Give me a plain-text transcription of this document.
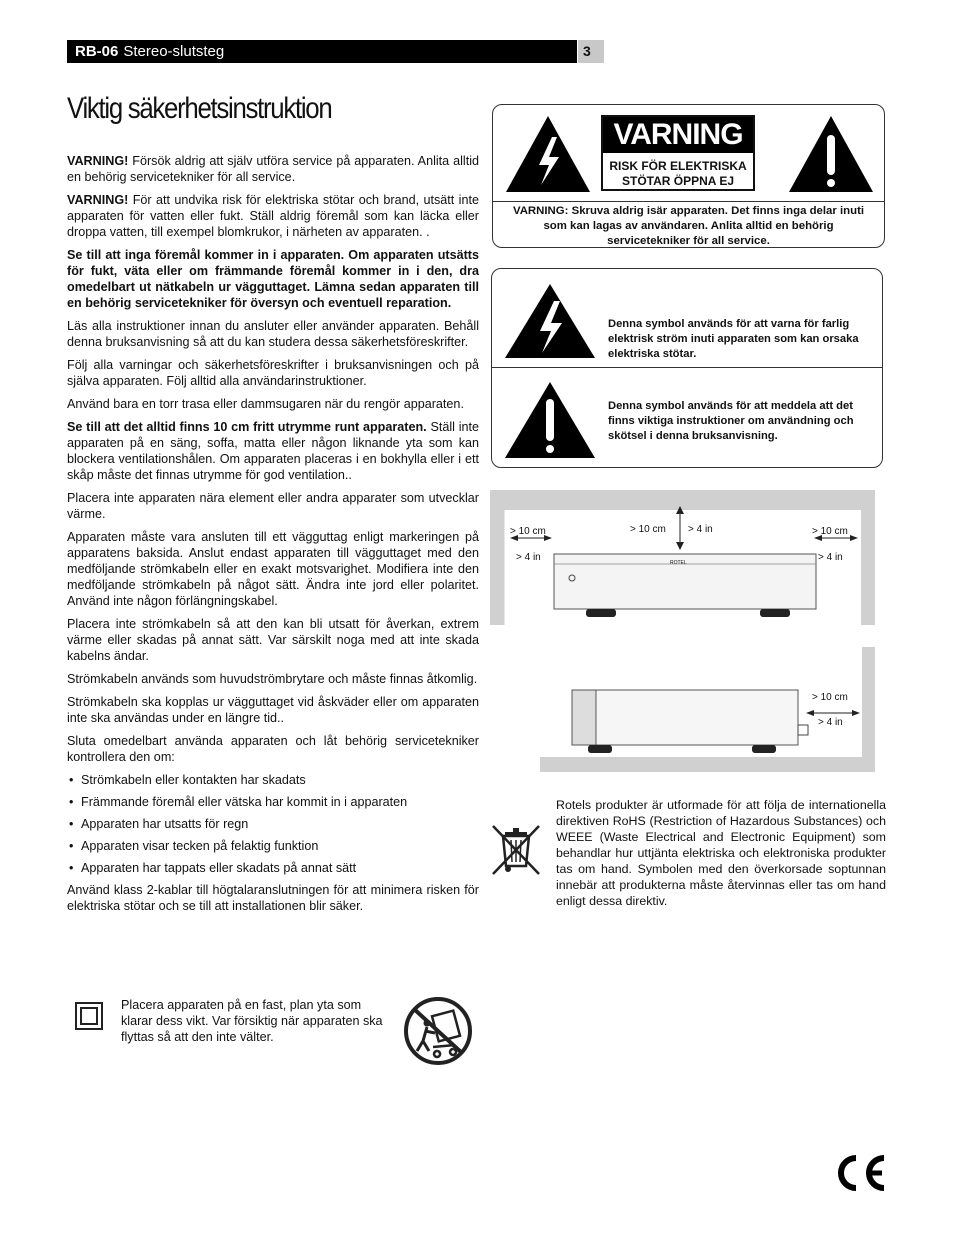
RB-06 Stereo-slutsteg	3
Viktig säkerhetsinstruktion

VARNING! Försök aldrig att själv utföra service på apparaten. Anlita alltid en behörig servicetekniker för all service.

VARNING! För att undvika risk för elektriska stötar och brand, utsätt inte apparaten för vatten eller fukt. Ställ aldrig föremål som kan läcka eller droppa vatten, till exempel blomkrukor, i närheten av apparaten. .

Se till att inga föremål kommer in i apparaten. Om apparaten utsätts för fukt, väta eller om främmande föremål kommer in i den, dra omedelbart ut nätkabeln ur vägguttaget. Lämna sedan apparaten till en behörig servicetekniker för översyn och eventuell reparation.

Läs alla instruktioner innan du ansluter eller använder apparaten. Behåll denna bruksanvisning så att du kan studera dessa säkerhetsföreskrifter.

Följ alla varningar och säkerhetsföreskrifter i bruksanvisningen och på själva apparaten. Följ alltid alla användarinstruktioner.

Använd bara en torr trasa eller dammsugaren när du rengör apparaten.

Se till att det alltid finns 10 cm fritt utrymme runt apparaten. Ställ inte apparaten på en säng, soffa, matta eller någon liknande yta som kan blockera ventilationshålen. Om apparaten placeras i en bokhylla eller i ett skåp måste det finnas utrymme för god ventilation..

Placera inte apparaten nära element eller andra apparater som utvecklar värme.

Apparaten måste vara ansluten till ett vägguttag enligt markeringen på apparatens baksida. Anslut endast apparaten till vägguttaget med den medföljande strömkabeln eller en exakt motsvarighet. Modifiera inte den medföljande strömkabeln på något sätt. Ändra inte jord eller polaritet. Använd inte någon förlängningskabel.

Placera inte strömkabeln så att den kan bli utsatt för åverkan, extrem värme eller skadas på annat sätt. Var särskilt noga med att inte skada kabelns ändar.

Strömkabeln används som huvudströmbrytare och måste finnas åtkomlig.

Strömkabeln ska kopplas ur vägguttaget vid åskväder eller om apparaten inte ska användas under en längre tid..

Sluta omedelbart använda apparaten och låt behörig servicetekniker kontrollera den om:

• Strömkabeln eller kontakten har skadats
• Främmande föremål eller vätska har kommit in i apparaten
• Apparaten har utsatts för regn
• Apparaten visar tecken på felaktig funktion
• Apparaten har tappats eller skadats på annat sätt

Använd klass 2-kablar till högtalaranslutningen för att minimera risken för elektriska stötar och se till att installationen blir säker.

Placera apparaten på en fast, plan yta som klarar dess vikt. Var försiktig när apparaten ska flyttas så att den inte välter.
VARNING
RISK FÖR ELEKTRISKA
STÖTAR ÖPPNA EJ
VARNING: Skruva aldrig isär apparaten. Det finns inga delar inuti som kan lagas av användaren. Anlita alltid en behörig servicetekniker för all service.
Denna symbol används för att varna för farlig elektrisk ström inuti apparaten som kan orsaka elektriska stötar.
Denna symbol används för att meddela att det finns viktiga instruktioner om användning och skötsel i denna bruksanvisning.
> 10 cm
> 4 in
> 10 cm > 4 in	> 10 cm
> 4 in
ROTEL
> 10 cm
> 4 in
Rotels produkter är utformade för att följa de internationella direktiven RoHS (Restriction of Hazardous Substances) och WEEE (Waste Electrical and Electronic Equipment) som behandlar hur uttjänta elektriska och elektroniska produkter tas om hand. Symbolen med den överkorsade soptunnan innebär att produkterna måste återvinnas eller tas om hand enligt dessa direktiv.
